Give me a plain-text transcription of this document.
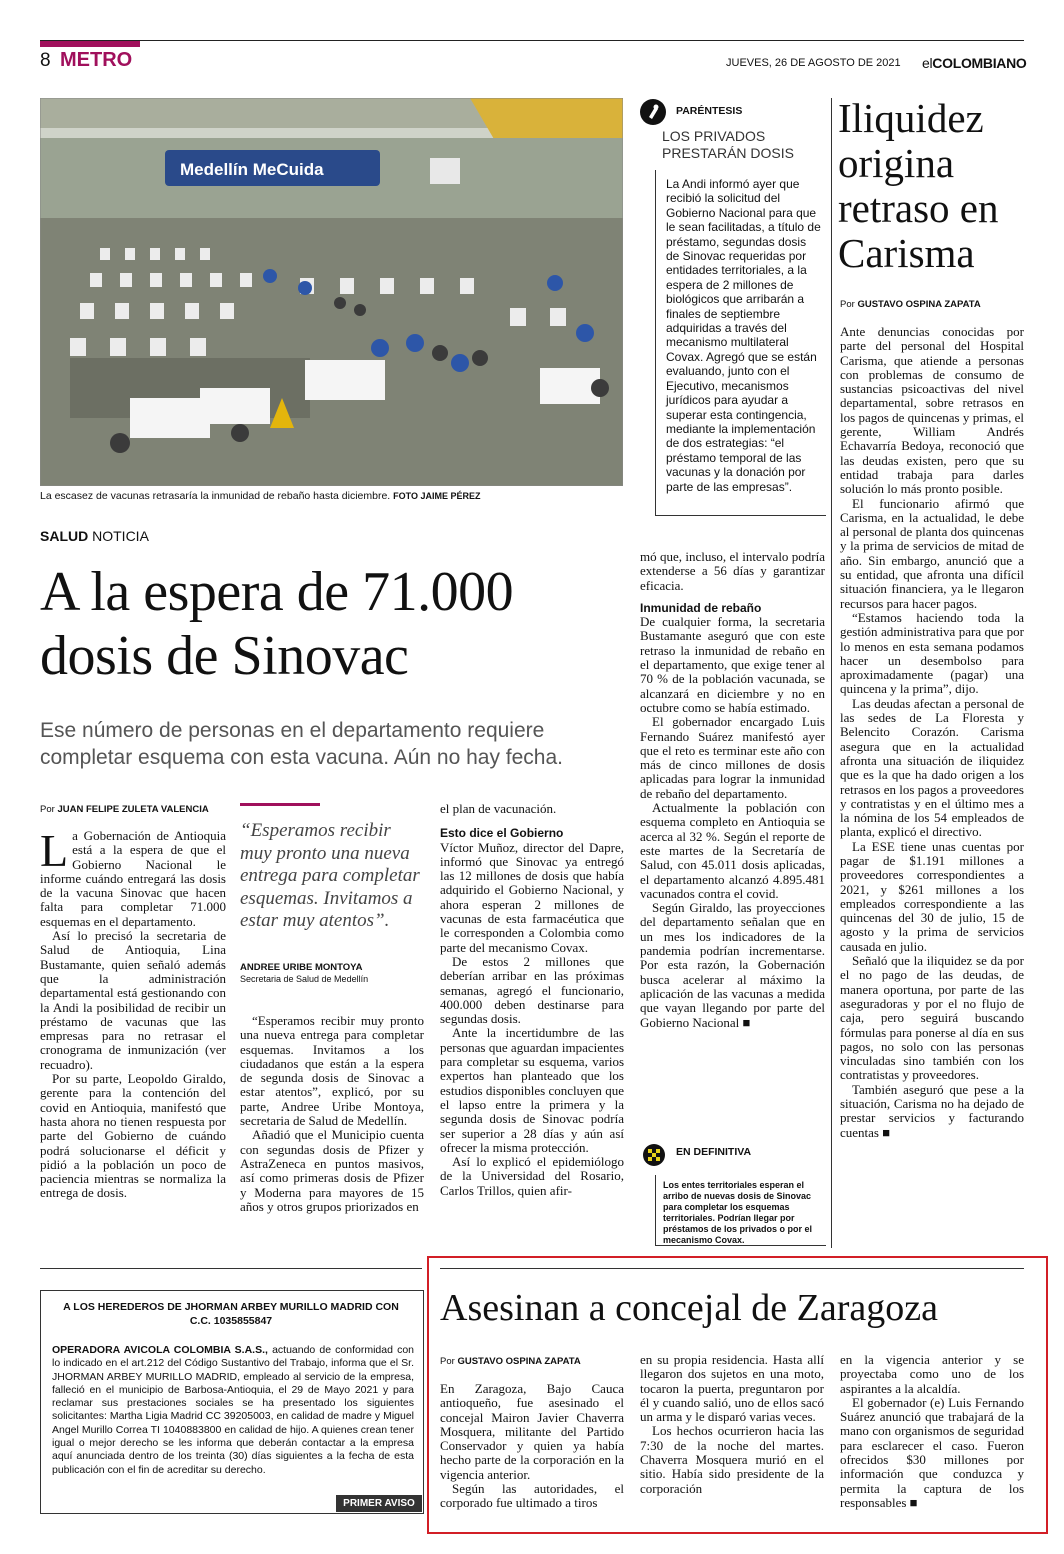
8 METRO	JUEVES, 26 DE AGOSTO DE 2021 elCOLOMBIANO
Medellín MeCuida
La escasez de vacunas retrasaría la inmunidad de rebaño hasta diciembre. FOTO JAIME PÉREZ
SALUD NOTICIA
A la espera de 71.000 dosis de Sinovac
Ese número de personas en el departamento requiere completar esquema con esta vacuna. Aún no hay fecha.
Por JUAN FELIPE ZULETA VALENCIA

La Gobernación de Antioquia está a la espera de que el Gobierno Nacional le informe cuándo entregará las dosis de la vacuna Sinovac que hacen falta para completar 71.000 esquemas en el departamento.

Así lo precisó la secretaria de Salud de Antioquia, Lina Bustamante, quien señaló además que la administración departamental está gestionando con la Andi la posibilidad de recibir un préstamo de vacunas que las empresas para no retrasar el cronograma de inmunización (ver recuadro).

Por su parte, Leopoldo Giraldo, gerente para la contención del covid en Antioquia, manifestó que hasta ahora no tienen respuesta por parte del Gobierno de cuándo podrá solucionarse el déficit y pidió a la población un poco de paciencia mientras se normaliza la entrega de dosis.

“Esperamos recibir muy pronto una nueva entrega para completar esquemas. Invitamos a estar muy atentos”.
ANDREE URIBE MONTOYA
Secretaria de Salud de Medellín

“Esperamos recibir muy pronto una nueva entrega para completar esquemas. Invitamos a los ciudadanos que están a la espera de segunda dosis de Sinovac a estar atentos”, explicó, por su parte, Andree Uribe Montoya, secretaria de Salud de Medellín.

Añadió que el Municipio cuenta con segundas dosis de Pfizer y AstraZeneca en puntos masivos, así como primeras dosis de Pfizer y Moderna para mayores de 15 años y otros grupos priorizados en

el plan de vacunación.

Esto dice el Gobierno

Víctor Muñoz, director del Dapre, informó que Sinovac ya entregó las 12 millones de dosis que había adquirido el Gobierno Nacional, y ahora esperan 2 millones de vacunas de esta farmacéutica que le corresponden a Colombia como parte del mecanismo Covax.

De estos 2 millones que deberían arribar en las próximas semanas, agregó el funcionario, 400.000 deben destinarse para segundas dosis.

Ante la incertidumbre de las personas que aguardan impacientes para completar su esquema, varios expertos han planteado que los estudios disponibles concluyen que el lapso entre la primera y la segunda dosis de Sinovac podría ser superior a 28 días y aún así ofrecer la misma protección.

Así lo explicó el epidemiólogo de la Universidad del Rosario, Carlos Trillos, quien afir-

mó que, incluso, el intervalo podría extenderse a 56 días y garantizar eficacia.

Inmunidad de rebaño

De cualquier forma, la secretaria Bustamante aseguró que con este retraso la inmunidad de rebaño en el departamento, que exige tener al 70 % de la población vacunada, se alcanzará en diciembre y no en octubre como se había estimado.

El gobernador encargado Luis Fernando Suárez manifestó ayer que el reto es terminar este año con más de cinco millones de dosis aplicadas para lograr la inmunidad de rebaño del departamento.

Actualmente la población con esquema completo en Antioquia se acerca al 32 %. Según el reporte de este martes de la Secretaría de Salud, con 45.011 dosis aplicadas, el departamento alcanzó 4.895.481 vacunados contra el covid.

Según Giraldo, las proyecciones del departamento señalan que en un mes los indicadores de la pandemia podrían incrementarse. Por esta razón, la Gobernación busca acelerar al máximo la aplicación de las vacunas a medida que vayan llegando por parte del Gobierno Nacional ■

PARÉNTESIS
LOS PRIVADOS PRESTARÁN DOSIS
La Andi informó ayer que recibió la solicitud del Gobierno Nacional para que le sean facilitadas, a título de préstamo, segundas dosis de Sinovac requeridas por entidades territoriales, a la espera de 2 millones de biológicos que arribarán a finales de septiembre adquiridas a través del mecanismo multilateral Covax. Agregó que se están evaluando, junto con el Ejecutivo, mecanismos jurídicos para ayudar a superar esta contingencia, mediante la implementación de dos estrategias: “el préstamo temporal de las vacunas y la donación por parte de las empresas”.
EN DEFINITIVA
Los entes territoriales esperan el arribo de nuevas dosis de Sinovac para completar los esquemas territoriales. Podrían llegar por préstamos de los privados o por el mecanismo Covax.
Iliquidez origina retraso en Carisma
Por GUSTAVO OSPINA ZAPATA

Ante denuncias conocidas por parte del personal del Hospital Carisma, que atiende a personas con problemas de consumo de sustancias psicoactivas del nivel departamental, sobre retrasos en los pagos de quincenas y primas, el gerente, William Andrés Echavarría Bedoya, reconoció que las deudas existen, pero que su entidad trabaja para darles solución lo más pronto posible.

El funcionario afirmó que Carisma, en la actualidad, le debe al personal de planta dos quincenas y la prima de servicios de mitad de año. Sin embargo, anunció que a su entidad, que afronta una difícil situación financiera, ya le llegaron recursos para hacer pagos.

“Estamos haciendo toda la gestión administrativa para que por lo menos en esta semana podamos hacer un desembolso para aproximadamente (pagar) una quincena y la prima”, dijo.

Las deudas afectan a personal de las sedes de La Floresta y Belencito Corazón. Carisma asegura que en la actualidad afronta una situación de iliquidez que es la que ha dado origen a los retrasos en los pagos a proveedores y contratistas y en el último mes a la nómina de los 54 empleados de planta, explicó el directivo.

La ESE tiene unas cuentas por pagar de $1.191 millones a proveedores correspondientes a 2021, y $261 millones a los empleados correspondiente a las quincenas del 30 de julio, 15 de agosto y la prima de servicios causada en julio.

Señaló que la iliquidez se da por el no pago de las deudas, de manera oportuna, por parte de las aseguradoras y por el no flujo de caja, pero seguirá buscando fórmulas para ponerse al día en sus pagos, no solo con las personas vinculadas sino también con los contratistas y proveedores.

También aseguró que pese a la situación, Carisma no ha dejado de prestar servicios y facturando cuentas ■

A LOS HEREDEROS DE JHORMAN ARBEY MURILLO MADRID CON C.C. 1035855847
OPERADORA AVICOLA COLOMBIA S.A.S., actuando de conformidad con lo indicado en el art.212 del Código Sustantivo del Trabajo, informa que el Sr. JHORMAN ARBEY MURILLO MADRID, empleado al servicio de la empresa, falleció en el municipio de Barbosa-Antioquia, el 29 de Mayo 2021 y para reclamar sus prestaciones sociales se ha presentado los siguientes solicitantes: Martha Ligia Madrid CC 39205003, en calidad de madre y Miguel Angel Murillo Correa TI 1040883800 en calidad de hijo. A quienes crean tener igual o mejor derecho se les informa que deberán contactar a la empresa aquí anunciada dentro de los treinta (30) días siguientes a la fecha de esta publicación con el fin de acreditar su derecho.
PRIMER AVISO
Asesinan a concejal de Zaragoza
Por GUSTAVO OSPINA ZAPATA

En Zaragoza, Bajo Cauca antioqueño, fue asesinado el concejal Mairon Javier Chaverra Mosquera, militante del Partido Conservador y quien ya había hecho parte de la corporación en la vigencia anterior.

Según las autoridades, el corporado fue ultimado a tiros

en su propia residencia. Hasta allí llegaron dos sujetos en una moto, tocaron la puerta, preguntaron por él y cuando salió, uno de ellos sacó un arma y le disparó varias veces.

Los hechos ocurrieron hacia las 7:30 de la noche del martes. Chaverra Mosquera murió en el sitio. Había sido presidente de la corporación

en la vigencia anterior y se proyectaba como uno de los aspirantes a la alcaldía.

El gobernador (e) Luis Fernando Suárez anunció que trabajará de la mano con organismos de seguridad para esclarecer el caso. Fueron ofrecidos $30 millones por información que conduzca y permita la captura de los responsables ■
